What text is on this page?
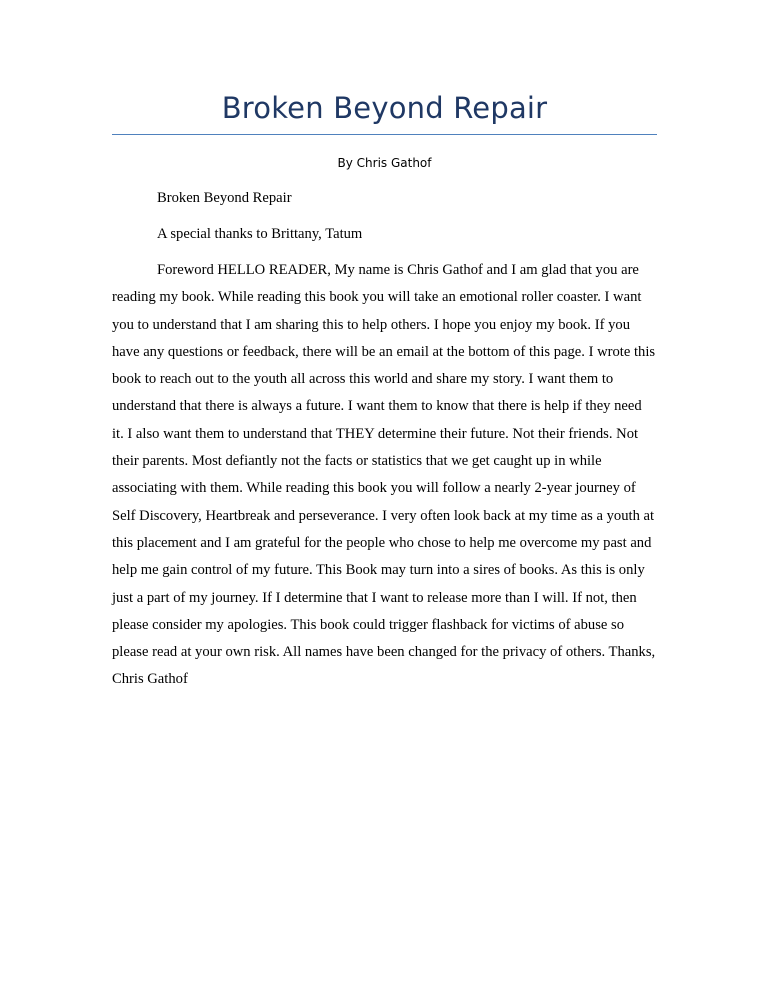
Broken Beyond Repair
By Chris Gathof

Broken Beyond Repair

A special thanks to Brittany, Tatum

Foreword HELLO READER, My name is Chris Gathof and I am glad that you are reading my book. While reading this book you will take an emotional roller coaster. I want you to understand that I am sharing this to help others. I hope you enjoy my book. If you have any questions or feedback, there will be an email at the bottom of this page. I wrote this book to reach out to the youth all across this world and share my story. I want them to understand that there is always a future. I want them to know that there is help if they need it. I also want them to understand that THEY determine their future. Not their friends. Not their parents. Most defiantly not the facts or statistics that we get caught up in while associating with them. While reading this book you will follow a nearly 2-year journey of Self Discovery, Heartbreak and perseverance. I very often look back at my time as a youth at this placement and I am grateful for the people who chose to help me overcome my past and help me gain control of my future. This Book may turn into a sires of books. As this is only just a part of my journey. If I determine that I want to release more than I will. If not, then please consider my apologies. This book could trigger flashback for victims of abuse so please read at your own risk. All names have been changed for the privacy of others. Thanks, Chris Gathof
